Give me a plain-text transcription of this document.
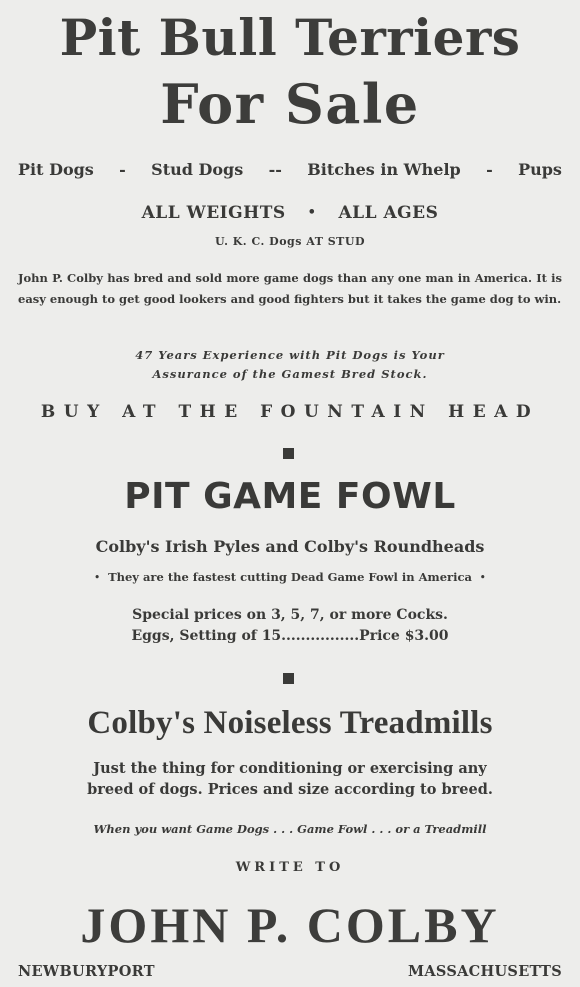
Pit Bull Terriers
For Sale
Pit Dogs - Stud Dogs -- Bitches in Whelp - Pups
ALL WEIGHTS • ALL AGES
U. K. C. Dogs AT STUD
John P. Colby has bred and sold more game dogs than any one man in America. It is easy enough to get good lookers and good fighters but it takes the game dog to win.
47 Years Experience with Pit Dogs is Your
Assurance of the Gamest Bred Stock.
BUY AT THE FOUNTAIN HEAD
PIT GAME FOWL
Colby's Irish Pyles and Colby's Roundheads
• They are the fastest cutting Dead Game Fowl in America •
Special prices on 3, 5, 7, or more Cocks.
Eggs, Setting of 15................Price $3.00
Colby's Noiseless Treadmills
Just the thing for conditioning or exercising any
breed of dogs. Prices and size according to breed.
When you want Game Dogs . . . Game Fowl . . . or a Treadmill
WRITE TO
JOHN P. COLBY
NEWBURYPORT	MASSACHUSETTS
